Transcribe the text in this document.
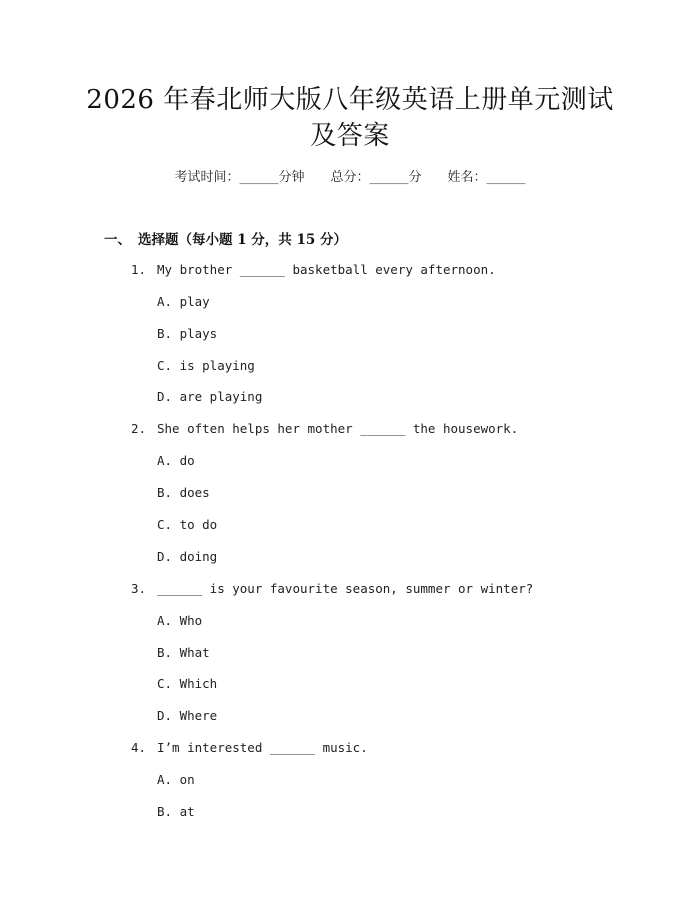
2026 年春北师大版八年级英语上册单元测试
及答案
考试时间：______分钟 总分：______分 姓名：______
一、 选择题（每小题 1 分，共 15 分）
1. My brother ______ basketball every afternoon.
A. play
B. plays
C. is playing
D. are playing
2. She often helps her mother ______ the housework.
A. do
B. does
C. to do
D. doing
3. ______ is your favourite season, summer or winter?
A. Who
B. What
C. Which
D. Where
4. I’m interested ______ music.
A. on
B. at
